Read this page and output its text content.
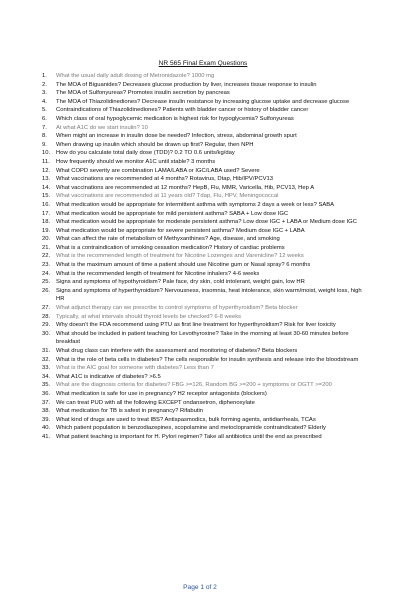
NR 565 Final Exam Questions
1.	What the usual daily adult dosing of Metronidazole? 1000 mg
2.	The MOA of Biguanides? Decreases glucose production by liver, increases tissue response to insulin
3.	The MOA of Sulfonyureas? Promotes insulin secretion by pancreas
4.	The MOA of Thiazolidinediones? Decrease insulin resistance by increasing glucose uptake and decrease glucose
5.	Contraindications of Thiazolidinediones? Patients with bladder cancer or history of bladder cancer
6.	Which class of oral hypoglycemic medication is highest risk for hypoglycemia? Sulfonyureas
7.	At what A1C do we start insulin? 10
8.	When might an increase in insulin dose be needed? Infection, stress, abdominal growth spurt
9.	When drawing up insulin which should be drawn up first? Regular, then NPH
10.	How do you calculate total daily dose (TDD)? 0.2 TO 0.6 units/kg/day
11.	How frequently should we monitor A1C until stable? 3 months
12.	What COPD severity are combination LAMA/LABA or IGC/LABA used? Severe
13.	What vaccinations are recommended at 4 months? Rotavirus, Dtap, Hib/IPV/PCV13
14.	What vaccinations are recommended at 12 months? HepB, Flu, MMR, Varicella, Hib, PCV13, Hep A
15.	What vaccinations are recommended at 11 years old? Tdap, Flu, HPV, Meningococcal
16.	What medication would be appropriate for intermittent asthma with symptoms 2 days a week or less? SABA
17.	What medication would be appropriate for mild persistent asthma? SABA + Low dose IGC
18.	What medication would be appropriate for moderate persistent asthma? Low dose IGC + LABA or Medium dose IGC
19.	What medication would be appropriate for severe persistent asthma? Medium dose IGC + LABA
20.	What can affect the rate of metabolism of Methyxanthines? Age, disease, and smoking
21.	What is a contraindication of smoking cessation medication? History of cardiac problems
22.	What is the recommended length of treatment for Nicotine Lozenges and Varenicline? 12 weeks
23.	What is the maximum amount of time a patient should use Nicotine gum or Nasal spray? 6 months
24.	What is the recommended length of treatment for Nicotine inhalers? 4-6 weeks
25.	Signs and symptoms of hypothyroidism? Pale face, dry skin, cold intolerant, weight gain, low HR
26.	Signs and symptoms of hyperthyroidism? Nervousness, insomnia, heat intolerance, skin warm/moist, weight loss, high HR
27.	What adjunct therapy can we prescribe to control symptoms of hyperthyroidism? Beta blocker
28.	Typically, at what intervals should thyroid levels be checked? 6-8 weeks
29.	Why doesn't the FDA recommend using PTU as first line treatment for hyperthyroidism? Risk for liver toxicity
30.	What should be included in patient teaching for Levothyroxine? Take in the morning at least 30-60 minutes before breakfast
31.	What drug class can interfere with the assessment and monitoring of diabetes? Beta blockers
32.	What is the role of beta cells in diabetes? The cells responsible for insulin synthesis and release into the bloodstream
33.	What is the AIC goal for someone with diabetes? Less than 7
34.	What A1C is indicative of diabetes? >6.5
35.	What are the diagnosis criteria for diabetes? FBG >=126, Random BG >=200 + symptoms or OGTT >=200
36.	What medication is safe for use in pregnancy? H2 receptor antagonists (blockers)
37.	We can treat PUD with all the following EXCEPT ondansetron, diphenoxylate
38.	What medication for TB is safest in pregnancy? Rifabutin
39.	What kind of drugs are used to treat IBS? Antispasmodics, bulk forming agents, antidiarrheals, TCAs
40.	Which patient population is benzodiazepines, scopolamine and metoclopramide contraindicated? Elderly
41.	What patient teaching is important for H. Pylori regimen? Take all antibiotics until the end as prescribed
Page 1 of 2
